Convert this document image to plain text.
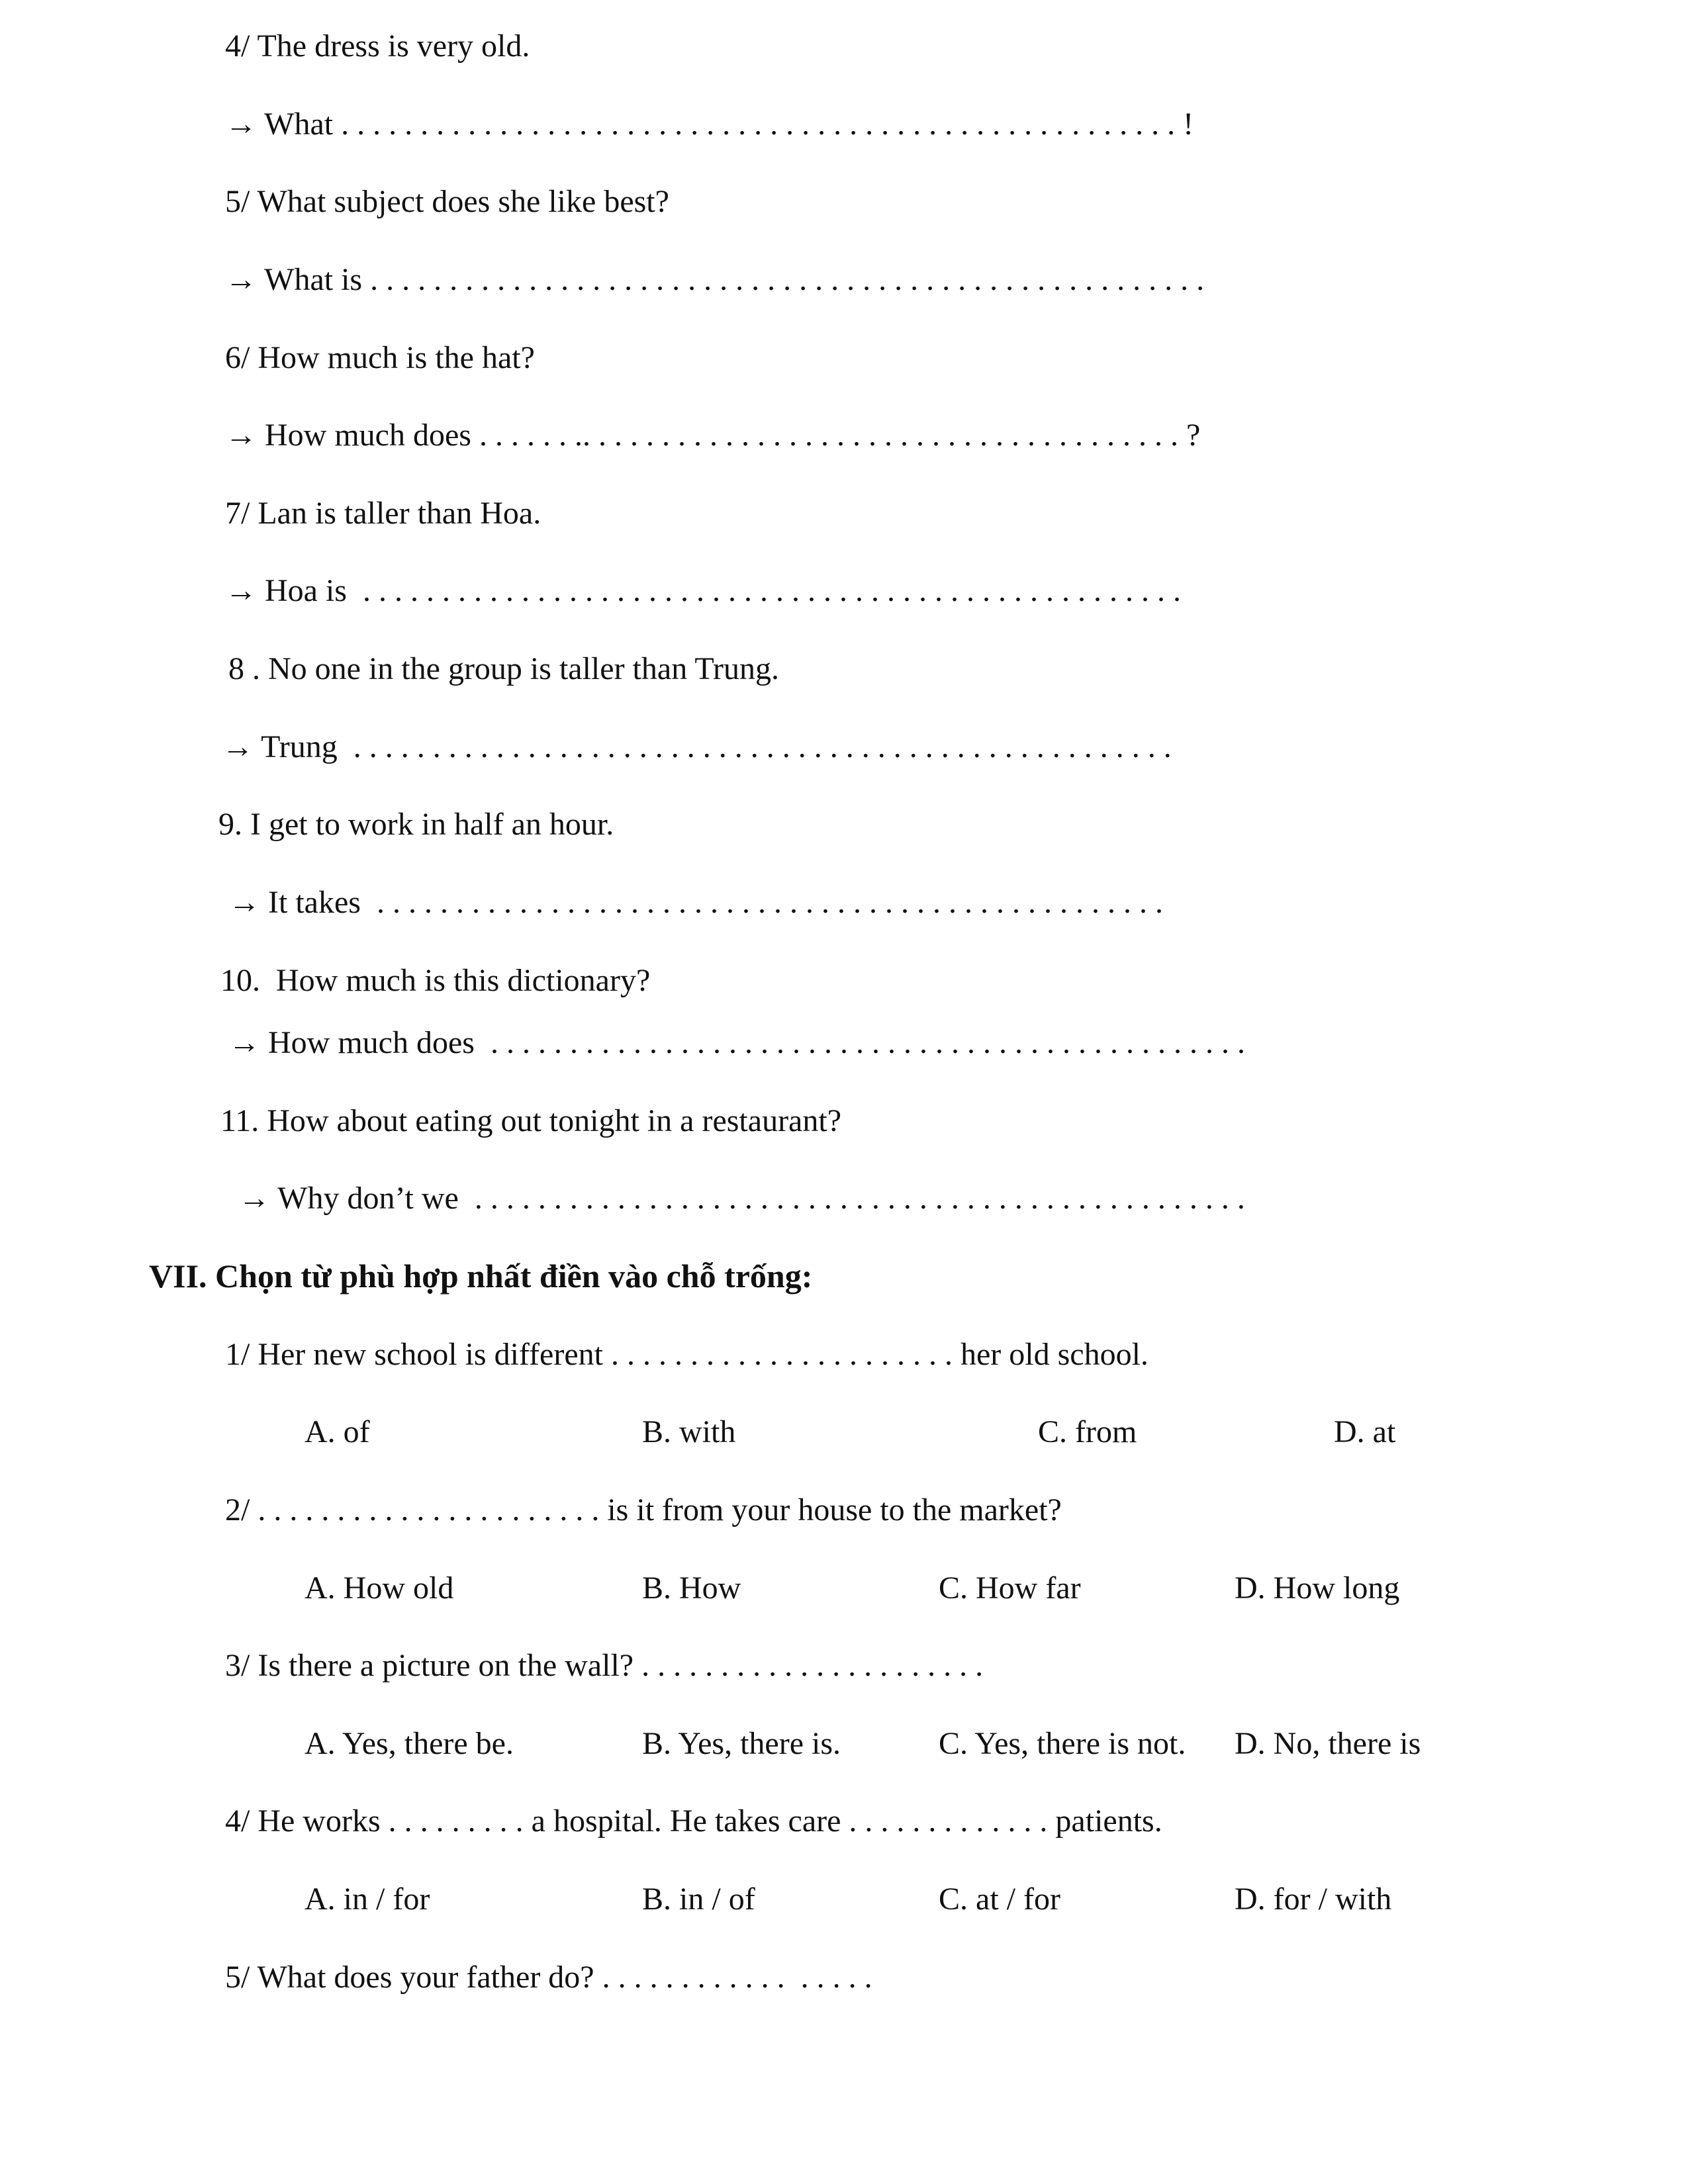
4/ The dress is very old.
→ What . . . . . . . . . . . . . . . . . . . . . . . . . . . . . . . . . . . . . . . . . . . . . . . . . . . . . !
5/ What subject does she like best?
→ What is . . . . . . . . . . . . . . . . . . . . . . . . . . . . . . . . . . . . . . . . . . . . . . . . . . . . .
6/ How much is the hat?
→ How much does . . . . . . .. . . . . . . . . . . . . . . . . . . . . . . . . . . . . . . . . . . . . . ?
7/ Lan is taller than Hoa.
→ Hoa is  . . . . . . . . . . . . . . . . . . . . . . . . . . . . . . . . . . . . . . . . . . . . . . . . . . . .
8 . No one in the group is taller than Trung.
→ Trung  . . . . . . . . . . . . . . . . . . . . . . . . . . . . . . . . . . . . . . . . . . . . . . . . . . . .
9. I get to work in half an hour.
→ It takes  . . . . . . . . . . . . . . . . . . . . . . . . . . . . . . . . . . . . . . . . . . . . . . . . . .
10.  How much is this dictionary?
→ How much does  . . . . . . . . . . . . . . . . . . . . . . . . . . . . . . . . . . . . . . . . . . . . . . . .
11. How about eating out tonight in a restaurant?
→ Why don’t we  . . . . . . . . . . . . . . . . . . . . . . . . . . . . . . . . . . . . . . . . . . . . . . . . .
VII. Chọn từ phù hợp nhất điền vào chỗ trống:
1/ Her new school is different . . . . . . . . . . . . . . . . . . . . . . her old school.
A. of	B. with	C. from	D. at
2/ . . . . . . . . . . . . . . . . . . . . . . is it from your house to the market?
A. How old	B. How	C. How far	D. How long
3/ Is there a picture on the wall? . . . . . . . . . . . . . . . . . . . . . .
A. Yes, there be.	B. Yes, there is.	C. Yes, there is not. D. No, there is
4/ He works . . . . . . . . . a hospital. He takes care . . . . . . . . . . . . . patients.
A. in / for	B. in / of	C. at / for	D. for / with
5/ What does your father do? . . . . . . . . . . . .  . . . . .
